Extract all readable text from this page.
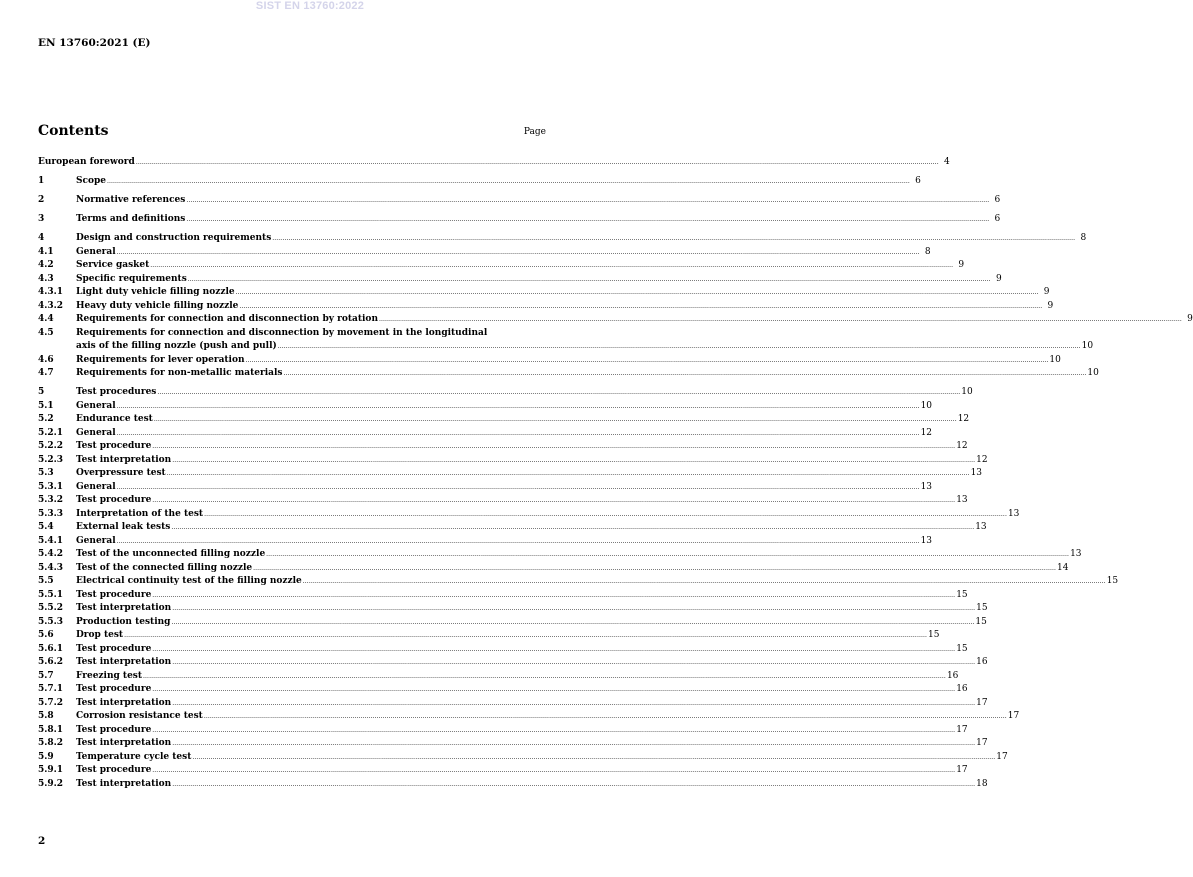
SIST EN 13760:2022
EN 13760:2021 (E)
Contents	Page
European foreword ................................................................................................................................................................................................................................................................................................................................................................................................................ 4
1	Scope ................................................................................................................................................................................................................................................................................................................................................................................................................ 6
2	Normative references ................................................................................................................................................................................................................................................................................................................................................................................................................ 6
3	Terms and definitions ................................................................................................................................................................................................................................................................................................................................................................................................................ 6
4	Design and construction requirements ................................................................................................................................................................................................................................................................................................................................................................................................................ 8
4.1	General ................................................................................................................................................................................................................................................................................................................................................................................................................ 8
4.2	Service gasket ................................................................................................................................................................................................................................................................................................................................................................................................................ 9
4.3	Specific requirements ................................................................................................................................................................................................................................................................................................................................................................................................................ 9
4.3.1	Light duty vehicle filling nozzle ................................................................................................................................................................................................................................................................................................................................................................................................................ 9
4.3.2	Heavy duty vehicle filling nozzle ................................................................................................................................................................................................................................................................................................................................................................................................................ 9
4.4	Requirements for connection and disconnection by rotation ................................................................................................................................................................................................................................................................................................................................................................................................................ 9
4.5	Requirements for connection and disconnection by movement in the longitudinal
axis of the filling nozzle (push and pull) ................................................................................................................................................................................................................................................................................................................................................................................................................ 10
4.6	Requirements for lever operation ................................................................................................................................................................................................................................................................................................................................................................................................................ 10
4.7	Requirements for non-metallic materials ................................................................................................................................................................................................................................................................................................................................................................................................................ 10
5	Test procedures ................................................................................................................................................................................................................................................................................................................................................................................................................ 10
5.1	General ................................................................................................................................................................................................................................................................................................................................................................................................................ 10
5.2	Endurance test ................................................................................................................................................................................................................................................................................................................................................................................................................ 12
5.2.1	General ................................................................................................................................................................................................................................................................................................................................................................................................................ 12
5.2.2	Test procedure ................................................................................................................................................................................................................................................................................................................................................................................................................ 12
5.2.3	Test interpretation ................................................................................................................................................................................................................................................................................................................................................................................................................ 12
5.3	Overpressure test ................................................................................................................................................................................................................................................................................................................................................................................................................ 13
5.3.1	General ................................................................................................................................................................................................................................................................................................................................................................................................................ 13
5.3.2	Test procedure ................................................................................................................................................................................................................................................................................................................................................................................................................ 13
5.3.3	Interpretation of the test ................................................................................................................................................................................................................................................................................................................................................................................................................ 13
5.4	External leak tests ................................................................................................................................................................................................................................................................................................................................................................................................................ 13
5.4.1	General ................................................................................................................................................................................................................................................................................................................................................................................................................ 13
5.4.2	Test of the unconnected filling nozzle ................................................................................................................................................................................................................................................................................................................................................................................................................ 13
5.4.3	Test of the connected filling nozzle ................................................................................................................................................................................................................................................................................................................................................................................................................ 14
5.5	Electrical continuity test of the filling nozzle ................................................................................................................................................................................................................................................................................................................................................................................................................ 15
5.5.1	Test procedure ................................................................................................................................................................................................................................................................................................................................................................................................................ 15
5.5.2	Test interpretation ................................................................................................................................................................................................................................................................................................................................................................................................................ 15
5.5.3	Production testing ................................................................................................................................................................................................................................................................................................................................................................................................................ 15
5.6	Drop test ................................................................................................................................................................................................................................................................................................................................................................................................................ 15
5.6.1	Test procedure ................................................................................................................................................................................................................................................................................................................................................................................................................ 15
5.6.2	Test interpretation ................................................................................................................................................................................................................................................................................................................................................................................................................ 16
5.7	Freezing test ................................................................................................................................................................................................................................................................................................................................................................................................................ 16
5.7.1	Test procedure ................................................................................................................................................................................................................................................................................................................................................................................................................ 16
5.7.2	Test interpretation ................................................................................................................................................................................................................................................................................................................................................................................................................ 17
5.8	Corrosion resistance test ................................................................................................................................................................................................................................................................................................................................................................................................................ 17
5.8.1	Test procedure ................................................................................................................................................................................................................................................................................................................................................................................................................ 17
5.8.2	Test interpretation ................................................................................................................................................................................................................................................................................................................................................................................................................ 17
5.9	Temperature cycle test ................................................................................................................................................................................................................................................................................................................................................................................................................ 17
5.9.1	Test procedure ................................................................................................................................................................................................................................................................................................................................................................................................................ 17
5.9.2	Test interpretation ................................................................................................................................................................................................................................................................................................................................................................................................................ 18
2
